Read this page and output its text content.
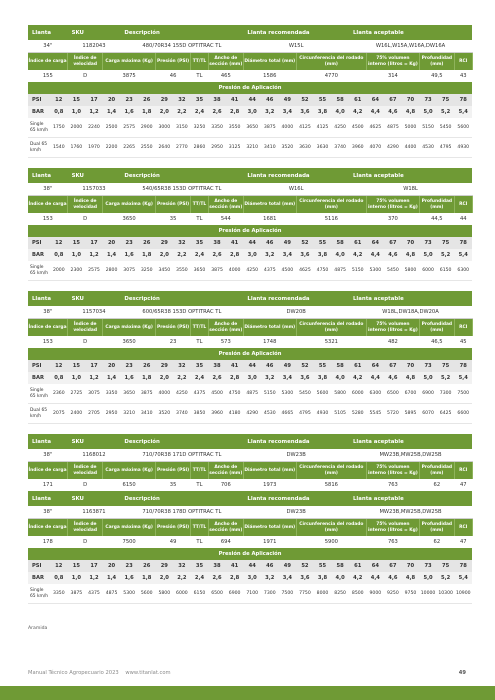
Llanta		SKU			Descripción							Llanta recomendada						Llanta aceptable						
34"		1182043			480/70R34 155D OPTITRAC TL							W15L						W16L,W15A,W16A,DW16A						
Índice de carga		Índice de velocidad		Carga máxima (Kg)			Presión (PSI)		TT/TL	Ancho de sección (mm)		Diámetro total (mm)			Circunferencia del rodado (mm)				75% volumen interno (litros = Kg)			Profundidad (mm)		RCI
155		D		3875			46		TL	465		1586			4770				314			49,5		43
Presión de Aplicación																								
PSI	12	15	17	20	23	26	29	32	35	38	41	44	46	49	52	55	58	61	64	67	70	73	75	78
BAR	0,8	1,0	1,2	1,4	1,6	1,8	2,0	2,2	2,4	2,6	2,8	3,0	3,2	3,4	3,6	3,8	4,0	4,2	4,4	4,6	4,8	5,0	5,2	5,4
Single 65 km/h	1750	2000	2240	2500	2575	2900	3000	3150	3250	3350	3550	3650	3875	4000	4125	4125	4250	4500	4625	4875	5000	5150	5450	5600
Dual 65 km/h	1540	1760	1970	2200	2265	2550	2640	2770	2860	2950	3125	3210	3410	3520	3630	3630	3740	3960	4070	4290	4400	4530	4795	4930
Llanta		SKU			Descripción							Llanta recomendada						Llanta aceptable						
38"		1157033			540/65R38 153D OPTITRAC TL							W16L						W18L						
Índice de carga		Índice de velocidad		Carga máxima (Kg)			Presión (PSI)		TT/TL	Ancho de sección (mm)		Diámetro total (mm)			Circunferencia del rodado (mm)				75% volumen interno (litros = Kg)			Profundidad (mm)		RCI
153		D		3650			35		TL	544		1681			5116				370			44,5		44
Presión de Aplicación																								
PSI	12	15	17	20	23	26	29	32	35	38	41	44	46	49	52	55	58	61	64	67	70	73	75	78
BAR	0,8	1,0	1,2	1,4	1,6	1,8	2,0	2,2	2,4	2,6	2,8	3,0	3,2	3,4	3,6	3,8	4,0	4,2	4,4	4,6	4,8	5,0	5,2	5,4
Single 65 km/h	2000	2300	2575	2800	3075	3250	3450	3550	3650	3875	4000	4250	4375	4500	4625	4750	4875	5150	5300	5450	5800	6000	6150	6300
Llanta		SKU			Descripción							Llanta recomendada						Llanta aceptable						
38"		1157034			600/65R38 153D OPTITRAC TL							DW20B						W18L,DW18A,DW20A						
Índice de carga		Índice de velocidad		Carga máxima (Kg)			Presión (PSI)		TT/TL	Ancho de sección (mm)		Diámetro total (mm)			Circunferencia del rodado (mm)				75% volumen interno (litros = Kg)			Profundidad (mm)		RCI
153		D		3650			23		TL	573		1748			5321				482			46,5		45
Presión de Aplicación																								
PSI	12	15	17	20	23	26	29	32	35	38	41	44	46	49	52	55	58	61	64	67	70	73	75	78
BAR	0,8	1,0	1,2	1,4	1,6	1,8	2,0	2,2	2,4	2,6	2,8	3,0	3,2	3,4	3,6	3,8	4,0	4,2	4,4	4,6	4,8	5,0	5,2	5,4
Single 65 km/h	2360	2725	3075	3350	3650	3875	4000	4250	4375	4500	4750	4875	5150	5300	5450	5600	5800	6000	6300	6500	6700	6900	7300	7500
Dual 65 km/h	2075	2400	2705	2950	3210	3410	3520	3740	3850	3960	4180	4290	4530	4665	4795	4930	5105	5280	5545	5720	5895	6070	6425	6600
Llanta		SKU			Descripción							Llanta recomendada						Llanta aceptable						
38"		1168012			710/70R38 171D OPTITRAC TL							DW23B						MW23B,MW25B,DW25B						
Índice de carga		Índice de velocidad		Carga máxima (Kg)			Presión (PSI)		TT/TL	Ancho de sección (mm)		Diámetro total (mm)			Circunferencia del rodado (mm)				75% volumen interno (litros = Kg)			Profundidad (mm)		RCI
171		D		6150			35		TL	706		1973			5816				763			62		47
Llanta		SKU			Descripción							Llanta recomendada						Llanta aceptable						
38"		1163871			710/70R38 178D OPTITRAC TL							DW23B						MW23B,MW25B,DW25B						
Índice de carga		Índice de velocidad		Carga máxima (Kg)			Presión (PSI)		TT/TL	Ancho de sección (mm)		Diámetro total (mm)			Circunferencia del rodado (mm)				75% volumen interno (litros = Kg)			Profundidad (mm)		RCI
178		D		7500			49		TL	694		1971			5900				763			62		47
Presión de Aplicación																								
PSI	12	15	17	20	23	26	29	32	35	38	41	44	46	49	52	55	58	61	64	67	70	73	75	78
BAR	0,8	1,0	1,2	1,4	1,6	1,8	2,0	2,2	2,4	2,6	2,8	3,0	3,2	3,4	3,6	3,8	4,0	4,2	4,4	4,6	4,8	5,0	5,2	5,4
Single 65 km/h	3350	3875	4375	4875	5300	5600	5800	6000	6150	6500	6900	7100	7300	7500	7750	8000	8250	8500	9000	9250	9750	10000	10300	10900
Aramida
Manual Técnico Agropecuario 2023 www.titanlat.com	49
